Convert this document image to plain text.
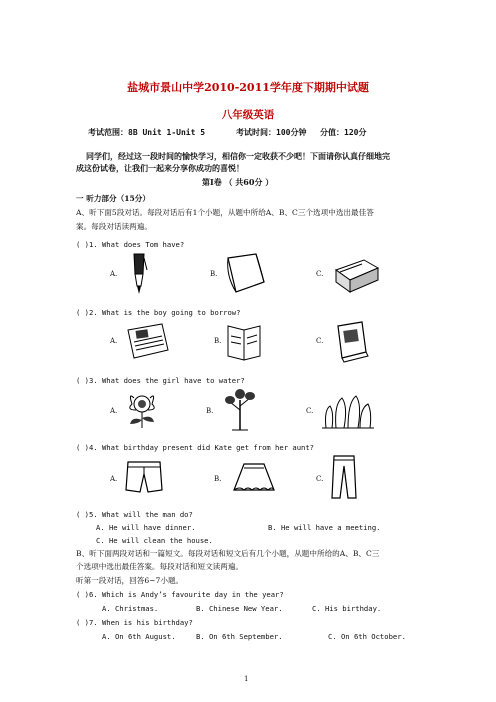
盐城市景山中学2010-2011学年度下期期中试题
八年级英语
考试范围：8B Unit 1-Unit 5	考试时间：100分钟 分值：120分
同学们，经过这一段时间的愉快学习，相信你一定收获不少吧！下面请你认真仔细地完
成这份试卷，让我们一起来分享你成功的喜悦！
第Ⅰ卷 （ 共60分 ）
一 听力部分（15分）
A、听下面5段对话。每段对话后有1个小题，从题中所给A、B、C三个选项中选出最佳答
案。每段对话读两遍。
( )1. What does Tom have?
A.	B.	C.
( )2. What is the boy going to borrow?
A.	B.	C.
( )3. What does the girl have to water?
A.	B.	C.
( )4. What birthday present did Kate get from her aunt?
A.	B.	C.
( )5. What will the man do?
A. He will have dinner.	B. He will have a meeting.
C. He will clean the house.
B、听下面两段对话和一篇短文。每段对话和短文后有几个小题，从题中所给的A、B、C三
个选项中选出最佳答案。每段对话和短文读两遍。
听第一段对话，回答6~7小题。
( )6. Which is Andy’s favourite day in the year?
A. Christmas.	B. Chinese New Year.	C. His birthday.
( )7. When is his birthday?
A. On 6th August.	B. On 6th September.	C. On 6th October.
1
